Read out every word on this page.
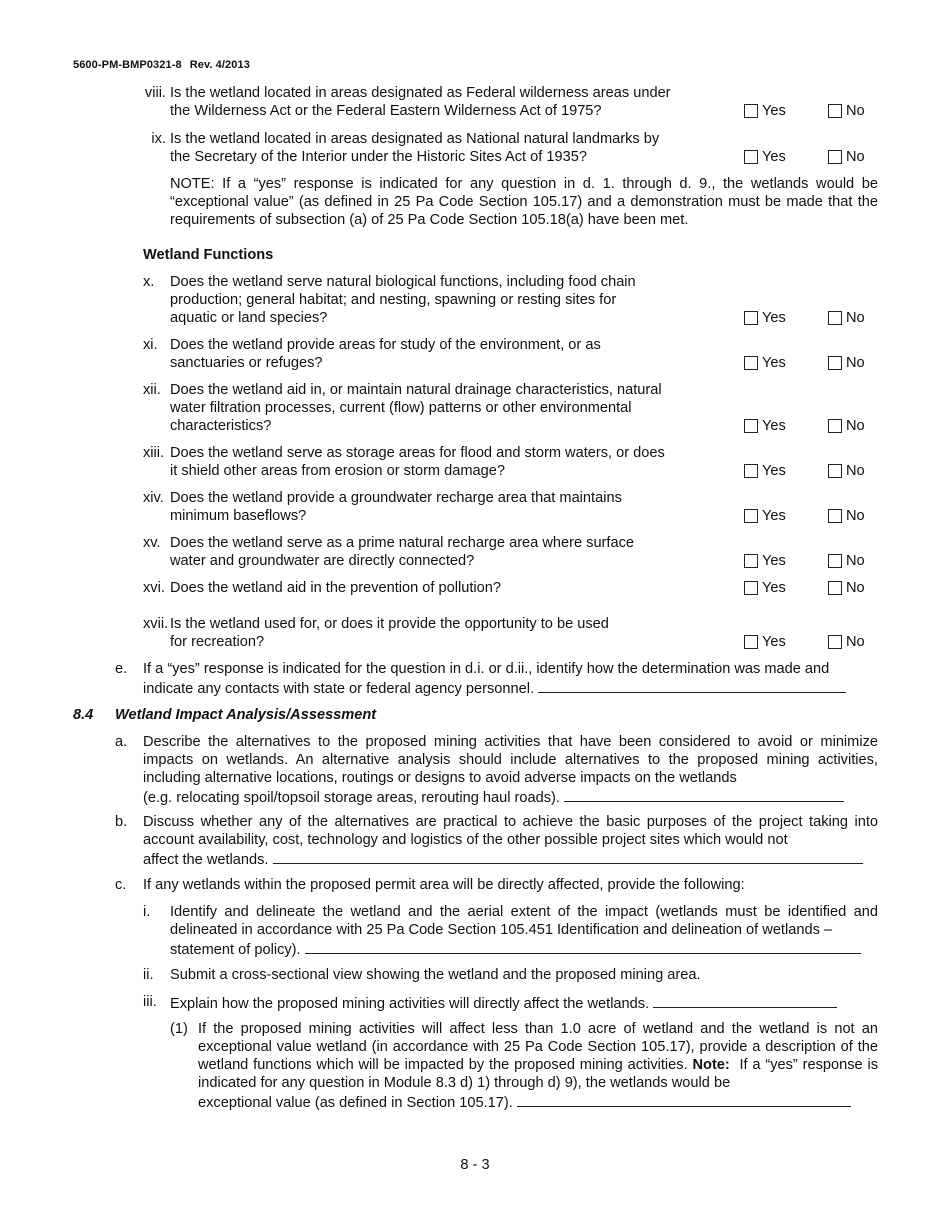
5600-PM-BMP0321-8 Rev. 4/2013
viii. Is the wetland located in areas designated as Federal wilderness areas under
the Wilderness Act or the Federal Eastern Wilderness Act of 1975?	Yes	No
ix. Is the wetland located in areas designated as National natural landmarks by
the Secretary of the Interior under the Historic Sites Act of 1935?	Yes	No
NOTE: If a “yes” response is indicated for any question in d. 1. through d. 9., the wetlands would be “exceptional value” (as defined in 25 Pa Code Section 105.17) and a demonstration must be made that the requirements of subsection (a) of 25 Pa Code Section 105.18(a) have been met.
Wetland Functions
x.	Does the wetland serve natural biological functions, including food chain
production; general habitat; and nesting, spawning or resting sites for
aquatic or land species?	Yes	No
xi. Does the wetland provide areas for study of the environment, or as
sanctuaries or refuges?	Yes	No
xii. Does the wetland aid in, or maintain natural drainage characteristics, natural
water filtration processes, current (flow) patterns or other environmental
characteristics?	Yes	No
xiii. Does the wetland serve as storage areas for flood and storm waters, or does
it shield other areas from erosion or storm damage?	Yes	No
xiv. Does the wetland provide a groundwater recharge area that maintains
minimum baseflows?	Yes	No
xv. Does the wetland serve as a prime natural recharge area where surface
water and groundwater are directly connected?	Yes	No
xvi. Does the wetland aid in the prevention of pollution?	Yes	No
xvii. Is the wetland used for, or does it provide the opportunity to be used
for recreation?	Yes	No
e. If a “yes” response is indicated for the question in d.i. or d.ii., identify how the determination was made and
indicate any contacts with state or federal agency personnel.
8.4 Wetland Impact Analysis/Assessment
a. Describe the alternatives to the proposed mining activities that have been considered to avoid or minimize impacts on wetlands. An alternative analysis should include alternatives to the proposed mining activities, including alternative locations, routings or designs to avoid adverse impacts on the wetlands
(e.g. relocating spoil/topsoil storage areas, rerouting haul roads).
b. Discuss whether any of the alternatives are practical to achieve the basic purposes of the project taking into account availability, cost, technology and logistics of the other possible project sites which would not
affect the wetlands.
c. If any wetlands within the proposed permit area will be directly affected, provide the following:
i. Identify and delineate the wetland and the aerial extent of the impact (wetlands must be identified and delineated in accordance with 25 Pa Code Section 105.451 Identification and delineation of wetlands –
statement of policy).
ii. Submit a cross-sectional view showing the wetland and the proposed mining area.
iii. Explain how the proposed mining activities will directly affect the wetlands.
(1) If the proposed mining activities will affect less than 1.0 acre of wetland and the wetland is not an exceptional value wetland (in accordance with 25 Pa Code Section 105.17), provide a description of the wetland functions which will be impacted by the proposed mining activities. Note: If a “yes” response is indicated for any question in Module 8.3 d) 1) through d) 9), the wetlands would be
exceptional value (as defined in Section 105.17).
8 - 3
